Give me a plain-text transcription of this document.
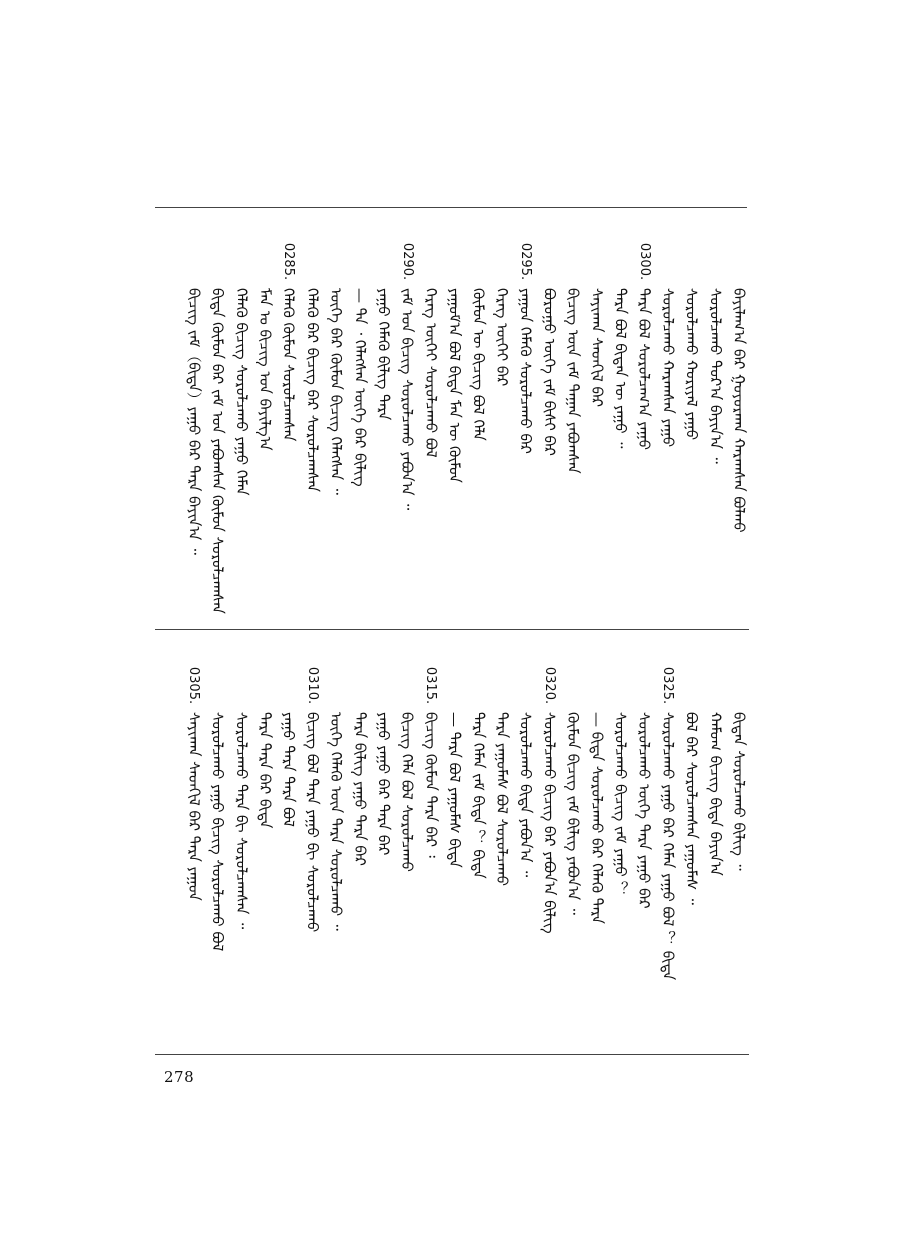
ᠪᠠᠶᠢᠯᠠᠭ᠎ᠠ ᠪᠡᠷ ᠭᠤᠶᠤᠷᠬᠠᠨ ᠬᠠᠷᠠᠭᠰᠠᠨ ᠪᠤᠯᠬᠤ
ᠰᠤᠷᠤᠯᠴᠠᠬᠤ ᠳᠤᠷ᠎ᠠ ᠪᠠᠶᠢᠨ᠎ᠠ ᠃
ᠰᠤᠷᠤᠯᠴᠠᠬᠤ ᠬᠤᠷᠢᠶᠠᠯ ᠶᠠᠭᠤ
ᠰᠤᠷᠤᠯᠴᠠᠬᠤ ᠬᠠᠷᠠᠭᠰᠠᠨ ᠶᠠᠭᠤ
0300.
ᠲᠡᠷᠡ ᠪᠣᠯ ᠰᠤᠷᠤᠯᠴᠠᠭ᠎ᠠ ᠶᠠᠭᠤ
ᠲᠡᠷᠡ ᠪᠣᠯ ᠪᠢᠳᠡᠨ ᠦ ᠶᠠᠭᠤ ᠃
ᠰᠠᠶᠢᠬᠠᠨ ᠰᠡᠳᠬᠢᠯ ᠪᠡᠷ
ᠪᠢᠴᠢᠭ ᠦᠨ ᠵᠠᠮ ᠳᠠᠭᠠᠨ ᠶᠠᠪᠤᠭᠰᠠᠨ
ᠪᠤᠷᠤᠭᠤ ᠦᠭᠡ ᠵᠠᠮ ᠪᠢᠰᠢ ᠪᠡᠷ
0295.
ᠶᠠᠭᠤᠨ ᠬᠡᠮᠡᠬᠦ ᠰᠤᠷᠤᠯᠴᠠᠬᠤ ᠪᠡᠷ
ᠬᠡᠷᠡᠭ ᠦᠭᠡᠢ ᠪᠡᠷ
ᠬᠦᠮᠦᠨ ᠦ ᠪᠢᠴᠢᠭ ᠪᠣᠯ ᠬᠡᠯᠡ
ᠶᠠᠭᠤᠮ᠎ᠠ ᠪᠣᠯ ᠪᠢᠳᠡ ᠮᠠᠨ ᠦ ᠬᠦᠮᠦᠨ
ᠬᠡᠷᠡᠭ ᠦᠭᠡᠢ ᠰᠤᠷᠤᠯᠴᠠᠬᠤ ᠪᠣᠯ
0290.
ᠵᠠᠮ ᠤᠨ ᠪᠢᠴᠢᠭ ᠰᠤᠷᠤᠯᠴᠠᠬᠤ ᠶᠠᠪᠤᠨ᠎ᠠ ᠃
ᠶᠠᠭᠤ ᠬᠡᠮᠡᠬᠦ ᠪᠢᠯᠢᠭ ᠲᠡᠷᠡ
— ᠲᠡ ᠂ ᠬᠡᠯᠡᠭᠰᠡᠨ ᠦᠭᠡ ᠪᠡᠷ ᠪᠢᠯᠢᠭ
ᠦᠭᠡ ᠪᠡᠷ ᠬᠦᠮᠦᠨ ᠪᠢᠴᠢᠭ ᠬᠡᠯᠡᠭᠰᠡᠨ ᠃
ᠬᠡᠯᠡᠬᠦ ᠪᠡᠷ ᠪᠢᠴᠢᠭ ᠪᠡᠷ ᠰᠤᠷᠤᠯᠴᠠᠭᠰᠠᠨ
0285.
ᠬᠡᠯᠡᠬᠦ ᠬᠦᠮᠦᠨ ᠰᠤᠷᠤᠯᠴᠠᠭᠰᠠᠨ
ᠮᠠᠨ ᠤ ᠪᠢᠴᠢᠭ ᠤᠨ ᠪᠠᠶᠢᠯᠭ᠎ᠠ
ᠬᠡᠯᠡᠬᠦ ᠪᠢᠴᠢᠭ ᠰᠤᠷᠤᠯᠴᠠᠬᠤ ᠶᠠᠭᠤ ᠬᠡᠮᠡᠨ
ᠪᠢᠳᠡ ᠬᠦᠮᠦᠨ ᠪᠡᠷ ᠵᠠᠮ ᠤᠨ ᠶᠠᠪᠤᠭᠰᠠᠨ ᠬᠦᠮᠦᠨ ᠰᠤᠷᠤᠯᠴᠠᠭᠰᠠᠨ
ᠪᠢᠴᠢᠭ ᠵᠠᠮ（ᠪᠢᠳᠡ）ᠶᠠᠭᠤ ᠪᠡᠷ ᠲᠡᠷᠡ ᠪᠠᠶᠢᠨ᠎ᠠ ᠃
ᠪᠢᠳᠡᠨ ᠰᠤᠷᠤᠯᠴᠠᠬᠤ ᠪᠢᠯᠢᠭ ᠃
ᠬᠠᠮᠤᠭ ᠪᠢᠴᠢᠭ ᠪᠢᠳᠡ ᠪᠠᠶᠢᠨ᠎ᠠ
ᠪᠣᠯ ᠪᠡᠷ ᠰᠤᠷᠤᠯᠴᠠᠭᠰᠠᠨ ᠶᠠᠭᠤᠮᠠᠰ ᠃
0325.
ᠰᠤᠷᠤᠯᠴᠠᠬᠤ ᠶᠠᠭᠤ ᠪᠡᠷ ᠬᠡᠮᠡᠨ ᠶᠠᠭᠤ ᠪᠣᠯ ？ ᠪᠢᠳᠡ
ᠰᠤᠷᠤᠯᠴᠠᠬᠤ ᠦᠭᠡ ᠲᠡᠷᠡ ᠶᠠᠭᠤ ᠪᠡᠷ
ᠰᠤᠷᠤᠯᠴᠠᠬᠤ ᠪᠢᠴᠢᠭ ᠵᠠᠮ ᠶᠠᠭᠤ ？
— ᠪᠢᠳᠡ ᠰᠤᠷᠤᠯᠴᠠᠬᠤ ᠪᠡᠷ ᠬᠡᠯᠡᠬᠦ ᠲᠡᠷᠡ
ᠬᠦᠮᠦᠨ ᠪᠢᠴᠢᠭ ᠵᠠᠮ ᠪᠢᠯᠢᠭ ᠶᠠᠪᠤᠨ᠎ᠠ ᠃
0320.
ᠰᠤᠷᠤᠯᠴᠠᠬᠤ ᠪᠢᠴᠢᠭ ᠪᠡᠷ ᠶᠠᠪᠤᠨ᠎ᠠ ᠪᠢᠯᠢᠭ
ᠰᠤᠷᠤᠯᠴᠠᠬᠤ ᠪᠢᠳᠡ ᠶᠠᠪᠤᠨ᠎ᠠ ᠃
ᠲᠡᠷᠡ ᠶᠠᠭᠤᠮᠠᠰ ᠪᠣᠯ ᠰᠤᠷᠤᠯᠴᠠᠬᠤ
ᠲᠡᠷᠡ ᠬᠡᠮᠡᠨ ᠵᠠᠮ ᠪᠢᠳᠡ ？ ᠪᠢᠳᠡ
— ᠲᠡᠷᠡ ᠪᠣᠯ ᠶᠠᠭᠤᠮᠠᠰ ᠪᠢᠳᠡ
0315.
ᠪᠢᠴᠢᠭ ᠬᠦᠮᠦᠨ ᠲᠡᠷᠡ ᠪᠡᠷ ᠄
ᠪᠢᠴᠢᠭ ᠬᠡᠯᠡ ᠪᠣᠯ ᠰᠤᠷᠤᠯᠴᠠᠬᠤ
ᠶᠠᠭᠤ ᠶᠠᠭᠤ ᠪᠡᠷ ᠲᠡᠷᠡ ᠪᠡᠷ
ᠲᠡᠷᠡ ᠪᠢᠯᠢᠭ ᠶᠠᠭᠤ ᠲᠡᠷᠡ ᠪᠡᠷ
ᠦᠭᠡ ᠬᠡᠯᠡᠬᠦ ᠦᠨ ᠲᠡᠷᠡ ᠰᠤᠷᠤᠯᠴᠠᠬᠤ ᠃
0310.
ᠪᠢᠴᠢᠭ ᠪᠣᠯ ᠲᠡᠷᠡ ᠶᠠᠭᠤ ᠪᠢ ᠰᠤᠷᠤᠯᠴᠠᠬᠤ
ᠶᠠᠭᠤ ᠲᠡᠷᠡ ᠲᠡᠷᠡ ᠪᠣᠯ
ᠲᠡᠷᠡ ᠲᠡᠷᠡ ᠪᠡᠷ ᠪᠢᠳᠡ
ᠰᠤᠷᠤᠯᠴᠠᠬᠤ ᠲᠡᠷᠡ ᠪᠢ ᠰᠤᠷᠤᠯᠴᠠᠭᠰᠠᠨ ᠃
ᠰᠤᠷᠤᠯᠴᠠᠬᠤ ᠶᠠᠭᠤ ᠪᠢᠴᠢᠭ ᠰᠤᠷᠤᠯᠴᠠᠬᠤ ᠪᠣᠯ
0305.
ᠰᠠᠶᠢᠬᠠᠨ ᠰᠡᠳᠬᠢᠯ ᠪᠡᠷ ᠲᠡᠷᠡ ᠶᠠᠭᠤᠨ
278
